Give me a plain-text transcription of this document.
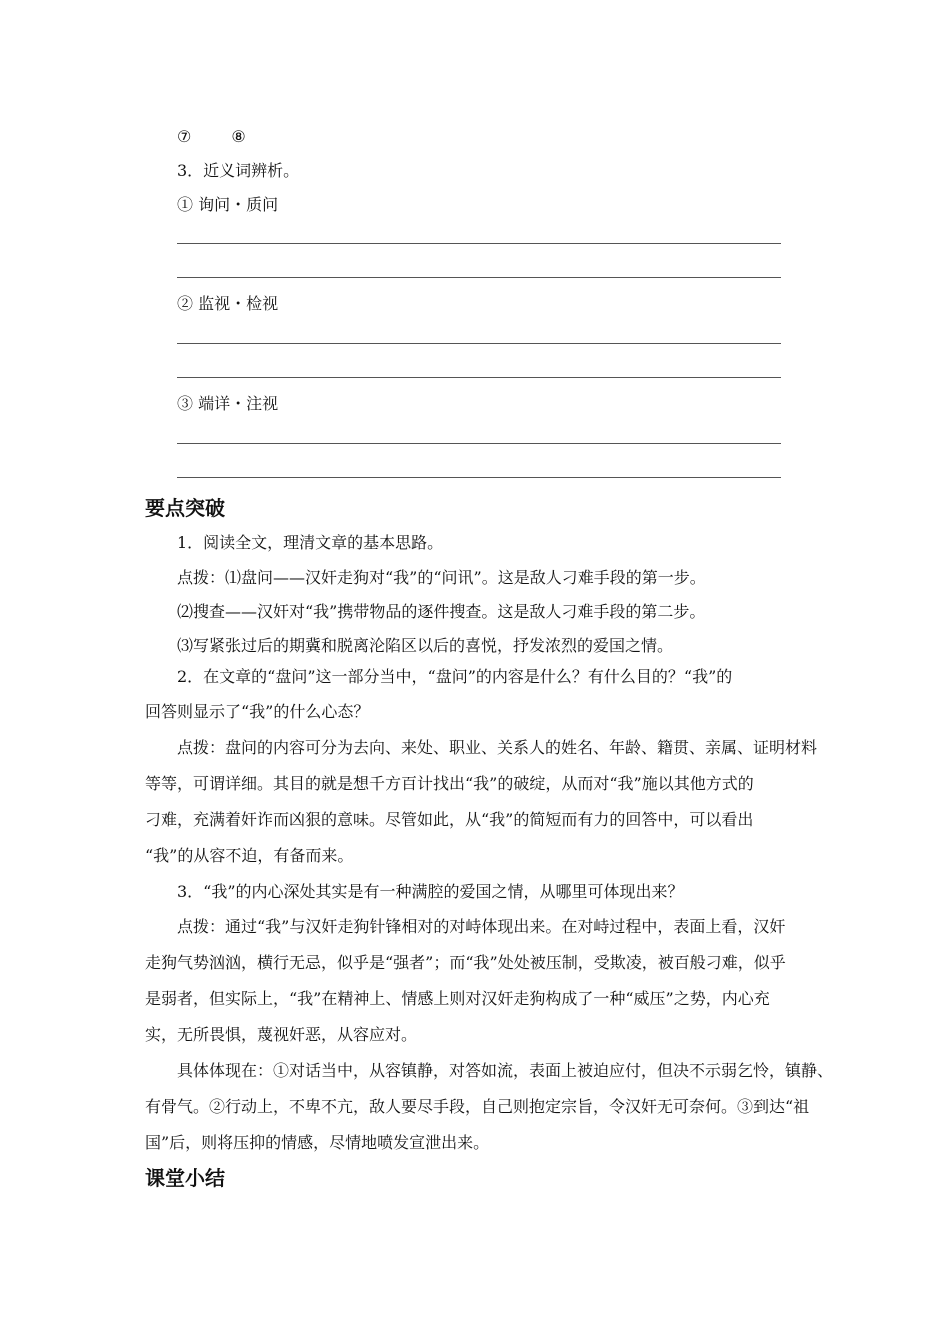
⑦	⑧
3．近义词辨析。
① 询问・质问
② 监视・检视
③ 端详・注视
要点突破
1．阅读全文，理清文章的基本思路。
点拨：⑴盘问——汉奸走狗对“我”的“问讯”。这是敌人刁难手段的第一步。
⑵搜查——汉奸对“我”携带物品的逐件搜查。这是敌人刁难手段的第二步。
⑶写紧张过后的期冀和脱离沦陷区以后的喜悦，抒发浓烈的爱国之情。
2．在文章的“盘问”这一部分当中，“盘问”的内容是什么？有什么目的？“我”的
回答则显示了“我”的什么心态？
点拨：盘问的内容可分为去向、来处、职业、关系人的姓名、年龄、籍贯、亲属、证明材料
等等，可谓详细。其目的就是想千方百计找出“我”的破绽，从而对“我”施以其他方式的
刁难，充满着奸诈而凶狠的意味。尽管如此，从“我”的简短而有力的回答中，可以看出
“我”的从容不迫，有备而来。
3．“我”的内心深处其实是有一种满腔的爱国之情，从哪里可体现出来？
点拨：通过“我”与汉奸走狗针锋相对的对峙体现出来。在对峙过程中，表面上看，汉奸
走狗气势汹汹，横行无忌，似乎是“强者”；而“我”处处被压制，受欺凌，被百般刁难，似乎
是弱者，但实际上，“我”在精神上、情感上则对汉奸走狗构成了一种“威压”之势，内心充
实，无所畏惧，蔑视奸恶，从容应对。
具体体现在：①对话当中，从容镇静，对答如流，表面上被迫应付，但决不示弱乞怜，镇静、
有骨气。②行动上，不卑不亢，敌人要尽手段，自己则抱定宗旨，令汉奸无可奈何。③到达“祖
国”后，则将压抑的情感，尽情地喷发宣泄出来。
课堂小结
